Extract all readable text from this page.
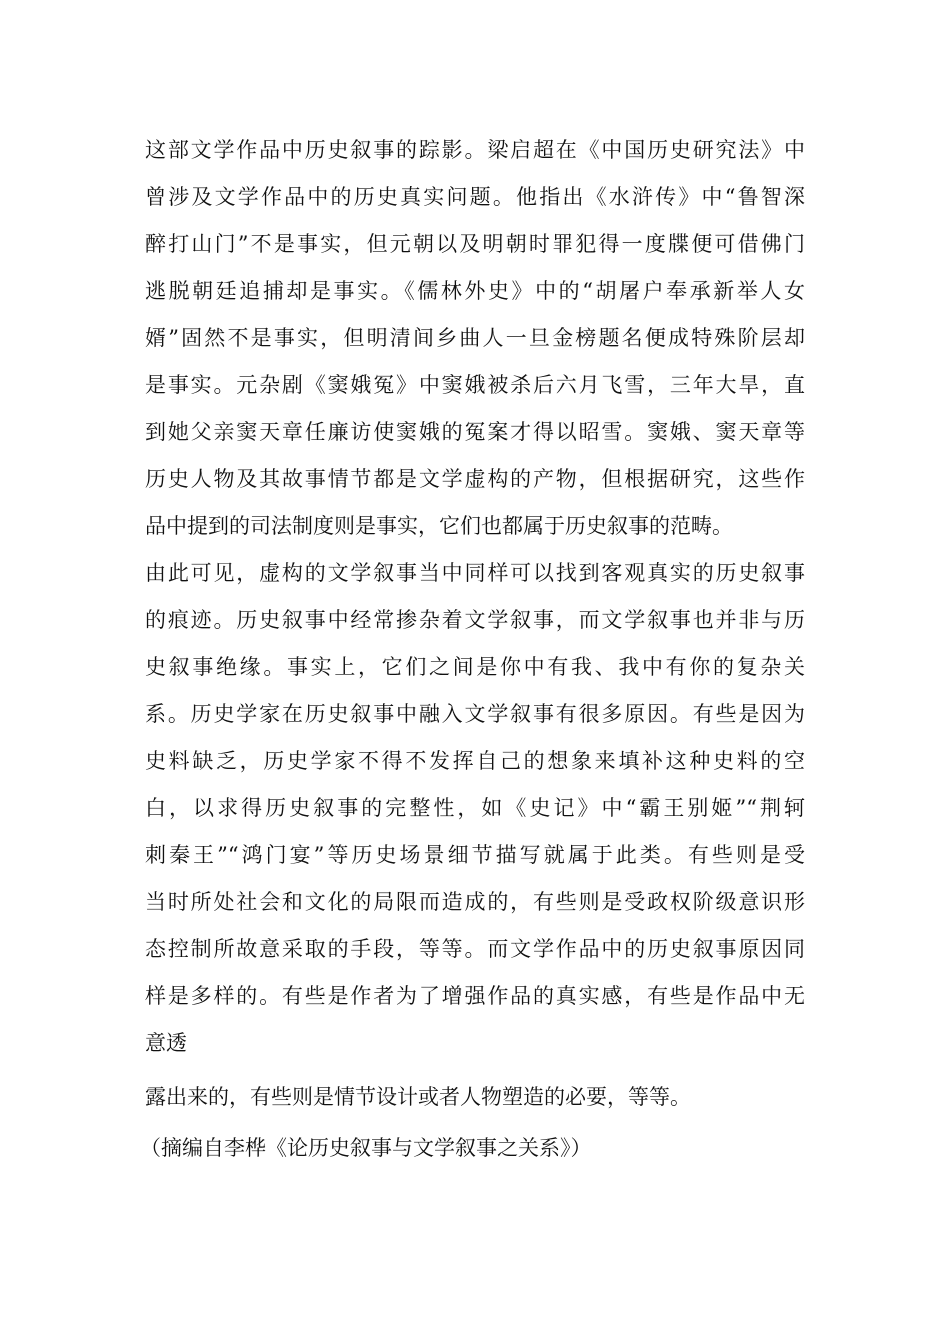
这部文学作品中历史叙事的踪影。梁启超在《中国历史研究法》中
曾涉及文学作品中的历史真实问题。他指出《水浒传》中“鲁智深
醉打山门”不是事实，但元朝以及明朝时罪犯得一度牒便可借佛门
逃脱朝廷追捕却是事实。《儒林外史》中的“胡屠户奉承新举人女
婿”固然不是事实，但明清间乡曲人一旦金榜题名便成特殊阶层却
是事实。元杂剧《窦娥冤》中窦娥被杀后六月飞雪，三年大旱，直
到她父亲窦天章任廉访使窦娥的冤案才得以昭雪。窦娥、窦天章等
历史人物及其故事情节都是文学虚构的产物，但根据研究，这些作
品中提到的司法制度则是事实，它们也都属于历史叙事的范畴。
由此可见，虚构的文学叙事当中同样可以找到客观真实的历史叙事
的痕迹。历史叙事中经常掺杂着文学叙事，而文学叙事也并非与历
史叙事绝缘。事实上，它们之间是你中有我、我中有你的复杂关
系。历史学家在历史叙事中融入文学叙事有很多原因。有些是因为
史料缺乏，历史学家不得不发挥自己的想象来填补这种史料的空
白，以求得历史叙事的完整性，如《史记》中“霸王别姬”“荆轲
刺秦王”“鸿门宴”等历史场景细节描写就属于此类。有些则是受
当时所处社会和文化的局限而造成的，有些则是受政权阶级意识形
态控制所故意采取的手段，等等。而文学作品中的历史叙事原因同
样是多样的。有些是作者为了增强作品的真实感，有些是作品中无
意透
露出来的，有些则是情节设计或者人物塑造的必要，等等。
（摘编自李桦《论历史叙事与文学叙事之关系》）
